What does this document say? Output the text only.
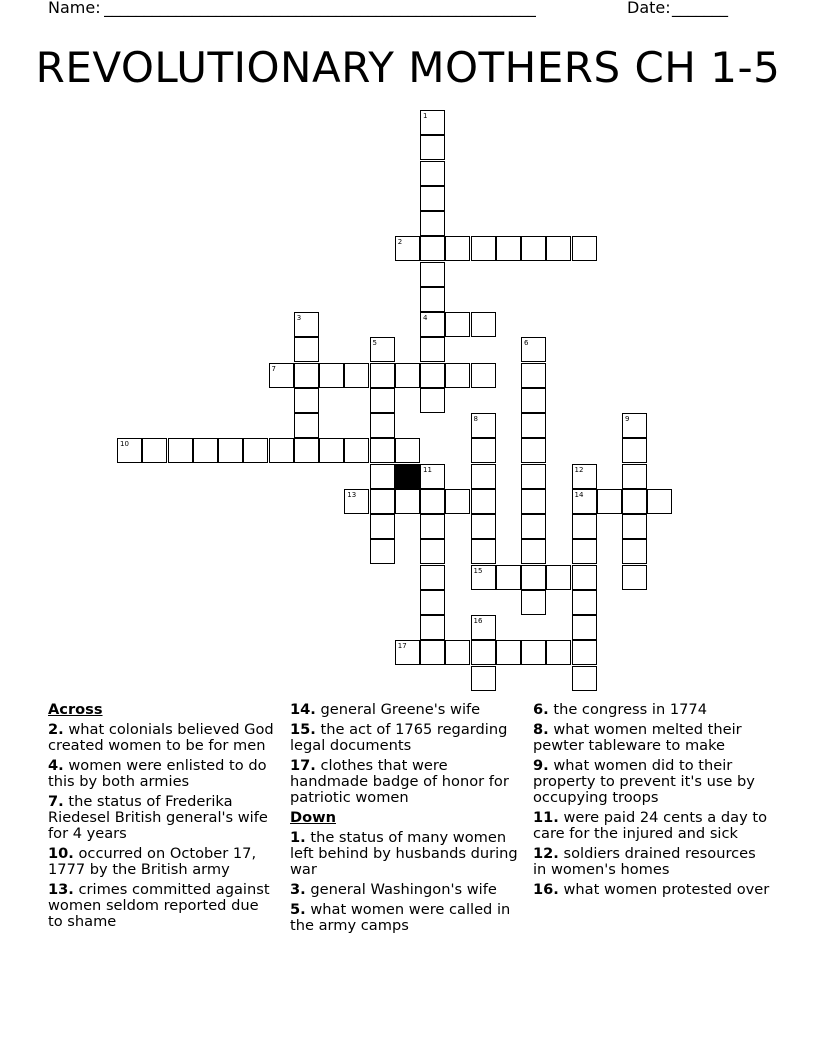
Name: ______________________________________________________	Date: _______
REVOLUTIONARY MOTHERS CH 1-5
1
4
2
3
5	6
7
8
15
9
10
11	12
14
13
16
17
Across
2. what colonials believed God created women to be for men
4. women were enlisted to do this by both armies
7. the status of Frederika Riedesel British general's wife for 4 years
10. occurred on October 17, 1777 by the British army
13. crimes committed against women seldom reported due to shame
14. general Greene's wife
15. the act of 1765 regarding legal documents
17. clothes that were handmade badge of honor for patriotic women
Down
1. the status of many women left behind by husbands during war
3. general Washingon's wife
5. what women were called in the army camps
6. the congress in 1774
8. what women melted their pewter tableware to make
9. what women did to their property to prevent it's use by occupying troops
11. were paid 24 cents a day to care for the injured and sick
12. soldiers drained resources in women's homes
16. what women protested over
